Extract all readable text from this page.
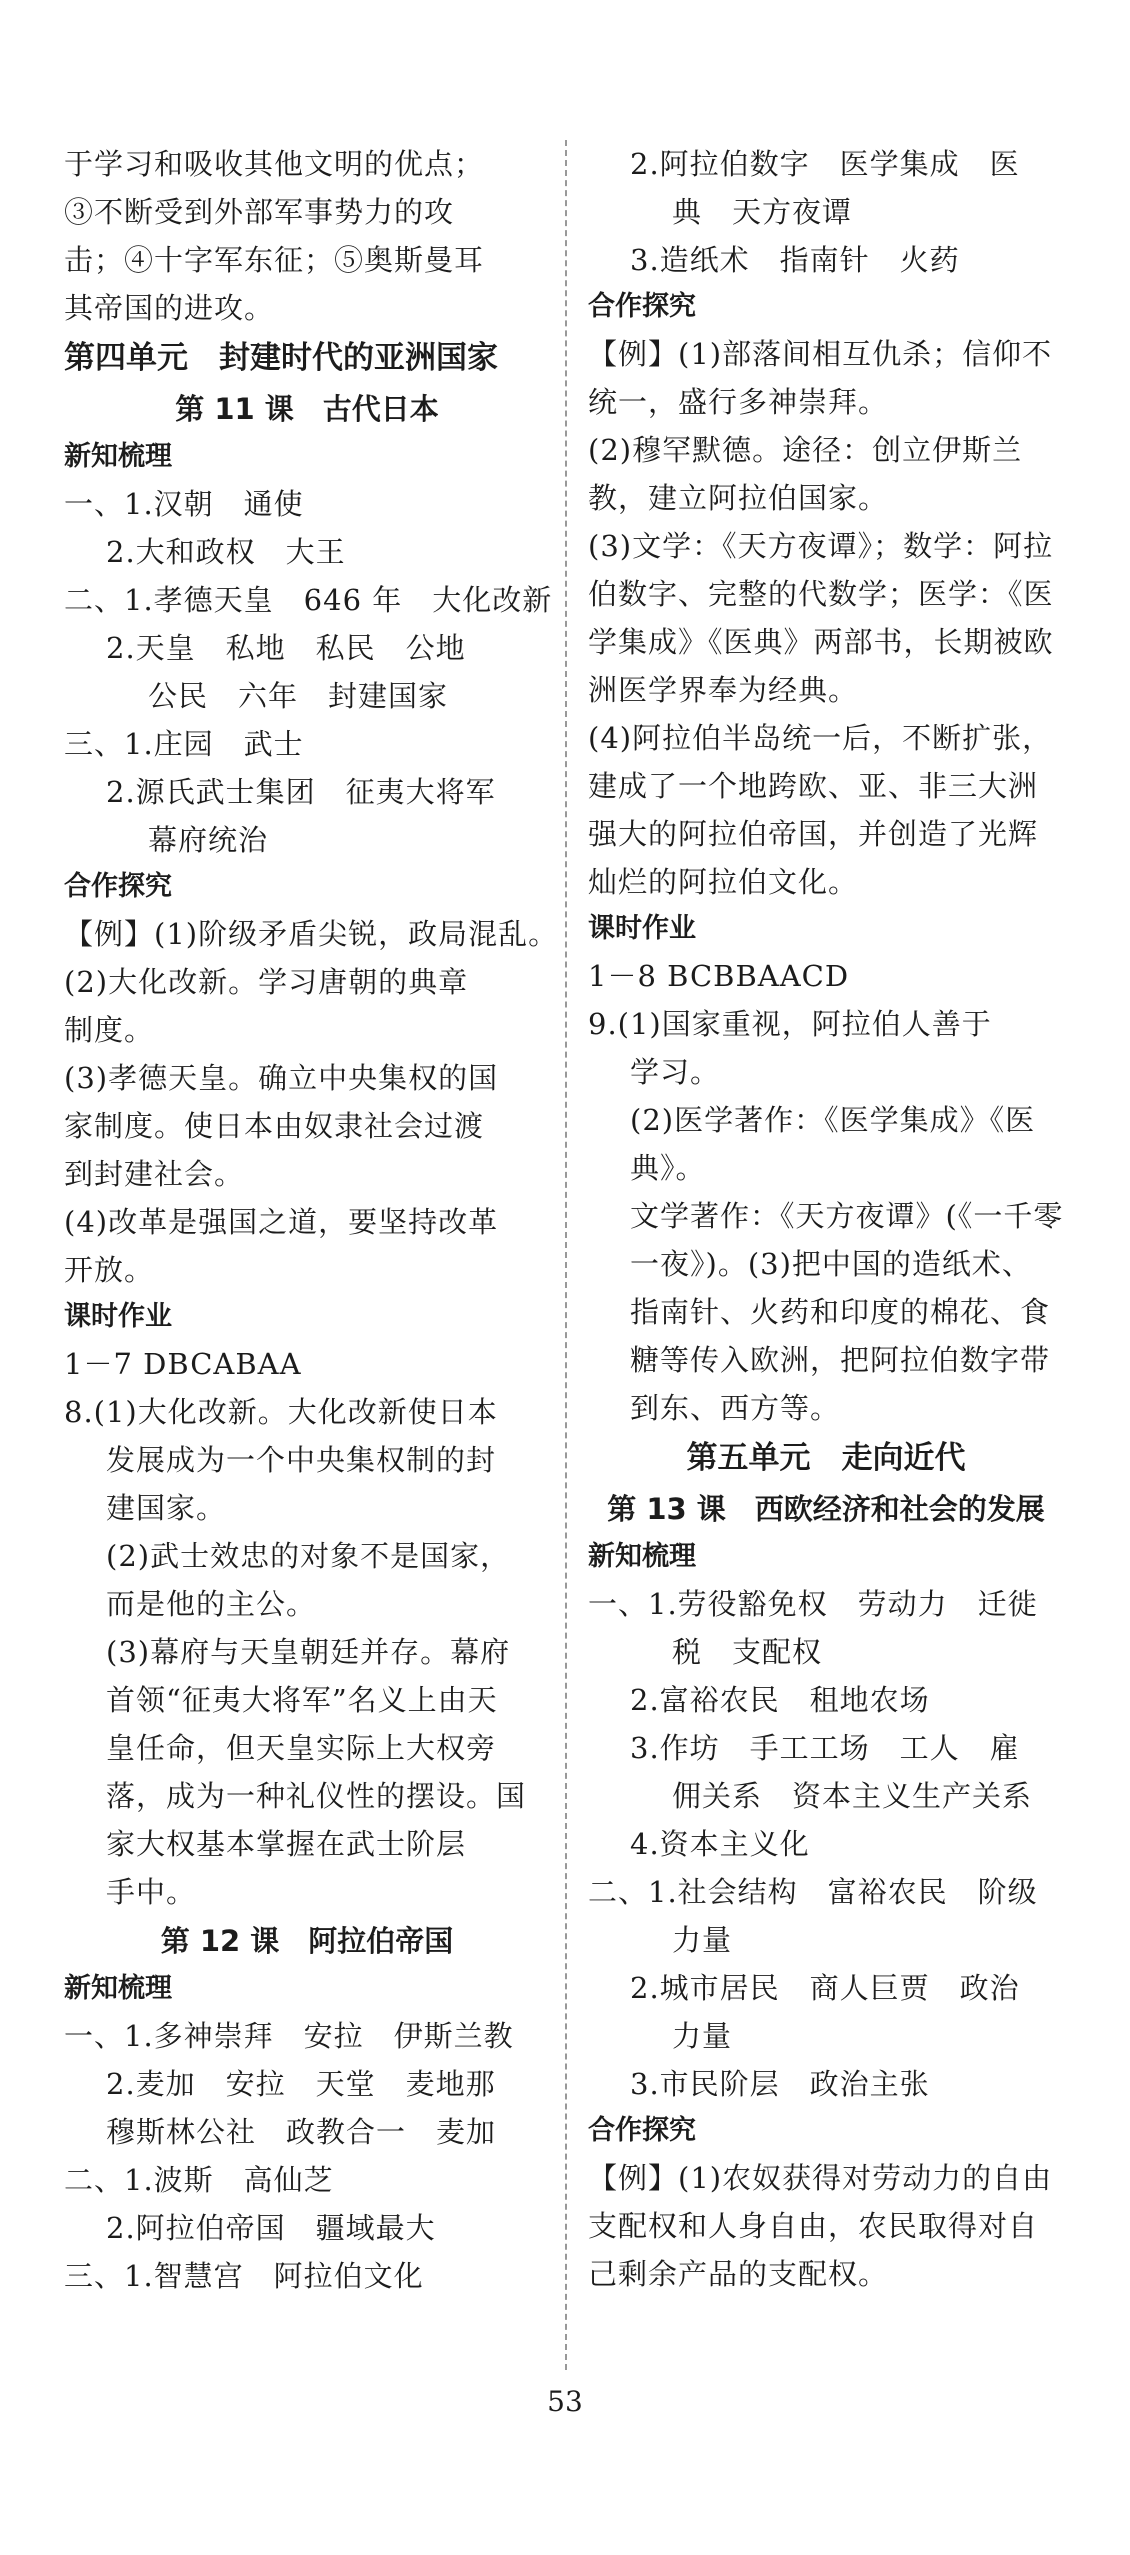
于学习和吸收其他文明的优点；
③不断受到外部军事势力的攻
击；④十字军东征；⑤奥斯曼耳
其帝国的进攻。
第四单元　封建时代的亚洲国家
第 11 课　古代日本
新知梳理
一、1.汉朝　通使
2.大和政权　大王
二、1.孝德天皇　646 年　大化改新
2.天皇　私地　私民　公地
公民　六年　封建国家
三、1.庄园　武士
2.源氏武士集团　征夷大将军
幕府统治
合作探究
【例】(1)阶级矛盾尖锐，政局混乱。
(2)大化改新。学习唐朝的典章
制度。
(3)孝德天皇。确立中央集权的国
家制度。使日本由奴隶社会过渡
到封建社会。
(4)改革是强国之道，要坚持改革
开放。
课时作业
1－7 DBCABAA
8.(1)大化改新。大化改新使日本
发展成为一个中央集权制的封
建国家。
(2)武士效忠的对象不是国家，
而是他的主公。
(3)幕府与天皇朝廷并存。幕府
首领“征夷大将军”名义上由天
皇任命，但天皇实际上大权旁
落，成为一种礼仪性的摆设。国
家大权基本掌握在武士阶层
手中。
第 12 课　阿拉伯帝国
新知梳理
一、1.多神崇拜　安拉　伊斯兰教
2.麦加　安拉　天堂　麦地那
穆斯林公社　政教合一　麦加
二、1.波斯　高仙芝
2.阿拉伯帝国　疆域最大
三、1.智慧宫　阿拉伯文化
2.阿拉伯数字　医学集成　医
典　天方夜谭
3.造纸术　指南针　火药
合作探究
【例】(1)部落间相互仇杀；信仰不
统一，盛行多神崇拜。
(2)穆罕默德。途径：创立伊斯兰
教，建立阿拉伯国家。
(3)文学：《天方夜谭》；数学：阿拉
伯数字、完整的代数学；医学：《医
学集成》《医典》两部书，长期被欧
洲医学界奉为经典。
(4)阿拉伯半岛统一后，不断扩张，
建成了一个地跨欧、亚、非三大洲
强大的阿拉伯帝国，并创造了光辉
灿烂的阿拉伯文化。
课时作业
1－8 BCBBAACD
9.(1)国家重视，阿拉伯人善于
学习。
(2)医学著作：《医学集成》《医
典》。
文学著作：《天方夜谭》(《一千零
一夜》)。(3)把中国的造纸术、
指南针、火药和印度的棉花、食
糖等传入欧洲，把阿拉伯数字带
到东、西方等。
第五单元　走向近代
第 13 课　西欧经济和社会的发展
新知梳理
一、1.劳役豁免权　劳动力　迁徙
税　支配权
2.富裕农民　租地农场
3.作坊　手工工场　工人　雇
佣关系　资本主义生产关系
4.资本主义化
二、1.社会结构　富裕农民　阶级
力量
2.城市居民　商人巨贾　政治
力量
3.市民阶层　政治主张
合作探究
【例】(1)农奴获得对劳动力的自由
支配权和人身自由，农民取得对自
己剩余产品的支配权。
53
